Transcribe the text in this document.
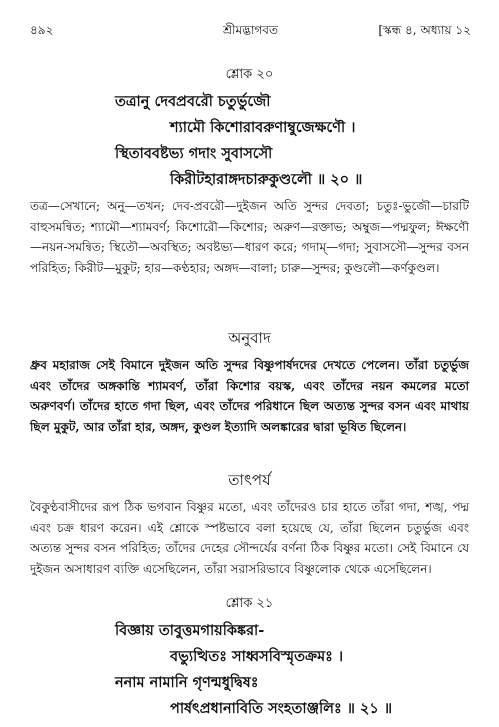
৪৯২	শ্রীমদ্ভাগবত	[স্কন্ধ ৪, অধ্যায় ১২
শ্লোক ২০
তত্রানু দেবপ্রবরৌ চতুর্ভুজৌ
শ্যামৌ কিশোরাবরুণাম্বুজেক্ষণৌ ।
স্থিতাববষ্টভ্য গদাং সুবাসসৌ
কিরীটহারাঙ্গদচারুকুণ্ডলৌ ॥ ২০ ॥

তত্র—সেখানে; অনু—তখন; দেব-প্রবরৌ—দুইজন অতি সুন্দর দেবতা; চতুঃ-ভুজৌ—চারটি বাহুসমন্বিত; শ্যামৌ—শ্যামবর্ণ; কিশোরৌ—কিশোর; অরুণ—রক্তাভ; অম্বুজ—পদ্মফুল; ঈক্ষণৌ—নয়ন-সমন্বিত; স্থিতৌ—অবস্থিত; অবষ্টভ্য—ধারণ করে; গদাম্—গদা; সুবাসসৌ—সুন্দর বসন পরিহিত; কিরীট—মুকুট; হার—কণ্ঠহার; অঙ্গদ—বালা; চারু—সুন্দর; কুণ্ডলৌ—কর্ণকুণ্ডল।

অনুবাদ

ধ্রুব মহারাজ সেই বিমানে দুইজন অতি সুন্দর বিষ্ণুপার্ষদদের দেখতে পেলেন। তাঁরা চতুর্ভুজ এবং তাঁদের অঙ্গকান্তি শ্যামবর্ণ, তাঁরা কিশোর বয়স্ক, এবং তাঁদের নয়ন কমলের মতো অরুণবর্ণ। তাঁদের হাতে গদা ছিল, এবং তাঁদের পরিধানে ছিল অত্যন্ত সুন্দর বসন এবং মাথায় ছিল মুকুট, আর তাঁরা হার, অঙ্গদ, কুণ্ডল ইত্যাদি অলঙ্কারের দ্বারা ভূষিত ছিলেন।

তাৎপর্য

বৈকুণ্ঠবাসীদের রূপ ঠিক ভগবান বিষ্ণুর মতো, এবং তাঁদেরও চার হাতে তাঁরা গদা, শঙ্খ, পদ্ম এবং চক্র ধারণ করেন। এই শ্লোকে স্পষ্টভাবে বলা হয়েছে যে, তাঁরা ছিলেন চতুর্ভুজ এবং অত্যন্ত সুন্দর বসন পরিহিত; তাঁদের দেহের সৌন্দর্যের বর্ণনা ঠিক বিষ্ণুর মতো। সেই বিমানে যে দুইজন অসাধারণ ব্যক্তি এসেছিলেন, তাঁরা সরাসরিভাবে বিষ্ণুলোক থেকে এসেছিলেন।

শ্লোক ২১
বিজ্ঞায় তাবুত্তমগায়কিঙ্করা-
বভ্যুত্থিতঃ সাধ্বসবিস্মৃতক্রমঃ ।
ননাম নামানি গৃণন্মধুদ্বিষঃ
পার্ষৎপ্রধানাবিতি সংহতাঞ্জলিঃ ॥ ২১ ॥
